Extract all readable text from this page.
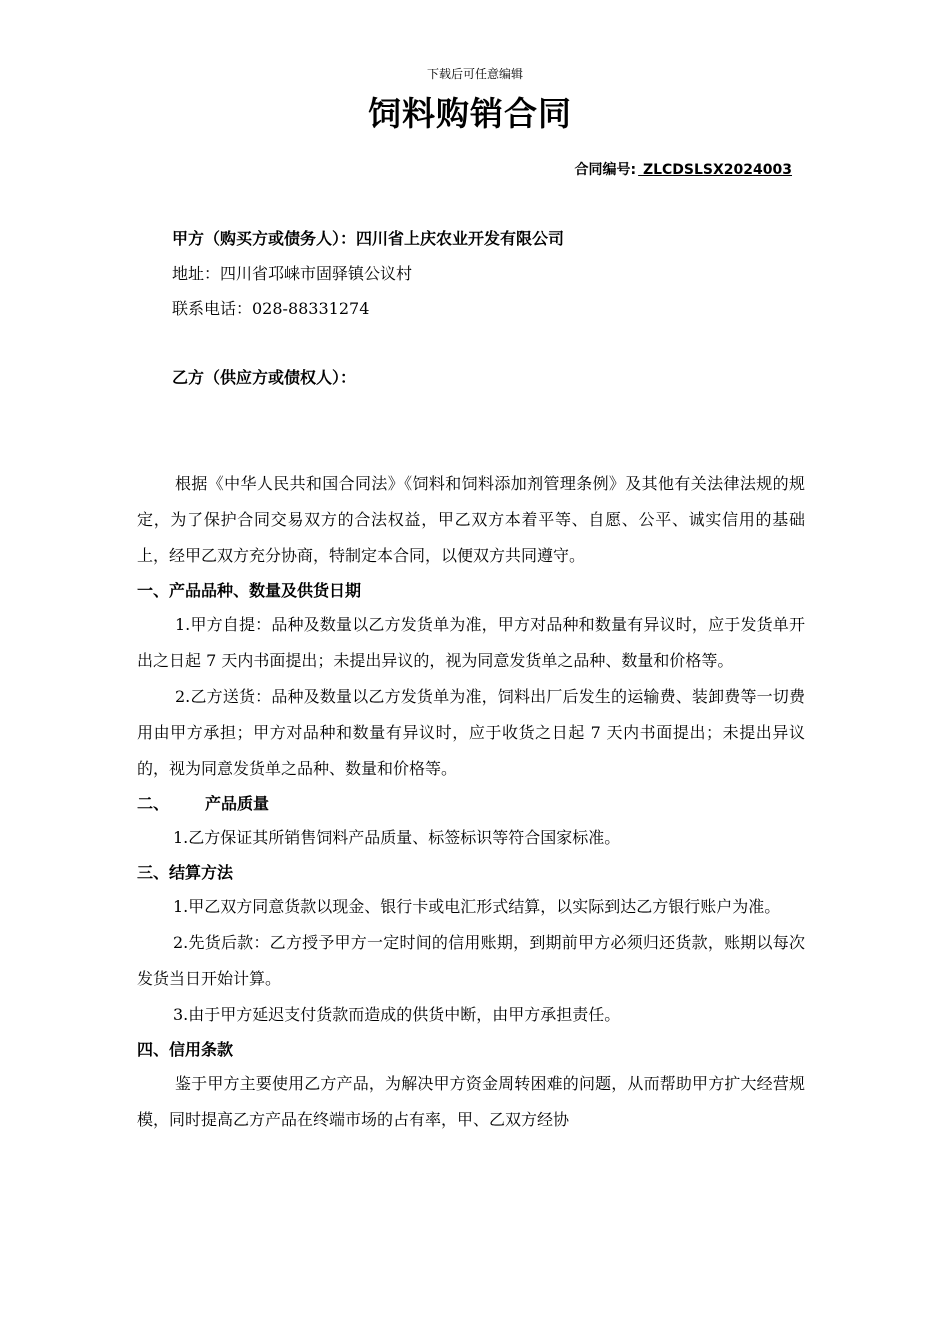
下载后可任意编辑
饲料购销合同
合同编号: ZLCDSLSX2024003
甲方（购买方或债务人）：四川省上庆农业开发有限公司
地址：四川省邛崃市固驿镇公议村
联系电话：028-88331274
乙方（供应方或债权人）：

根据《中华人民共和国合同法》《饲料和饲料添加剂管理条例》及其他有关法律法规的规定，为了保护合同交易双方的合法权益，甲乙双方本着平等、自愿、公平、诚实信用的基础上，经甲乙双方充分协商，特制定本合同，以便双方共同遵守。

一、产品品种、数量及供货日期

1.甲方自提：品种及数量以乙方发货单为准，甲方对品种和数量有异议时，应于发货单开出之日起 7 天内书面提出；未提出异议的，视为同意发货单之品种、数量和价格等。

2.乙方送货：品种及数量以乙方发货单为准，饲料出厂后发生的运输费、装卸费等一切费用由甲方承担；甲方对品种和数量有异议时，应于收货之日起 7 天内书面提出；未提出异议的，视为同意发货单之品种、数量和价格等。

二、 产品质量

1.乙方保证其所销售饲料产品质量、标签标识等符合国家标准。

三、结算方法

1.甲乙双方同意货款以现金、银行卡或电汇形式结算，以实际到达乙方银行账户为准。

2.先货后款：乙方授予甲方一定时间的信用账期，到期前甲方必须归还货款，账期以每次发货当日开始计算。

3.由于甲方延迟支付货款而造成的供货中断，由甲方承担责任。

四、信用条款

鉴于甲方主要使用乙方产品，为解决甲方资金周转困难的问题，从而帮助甲方扩大经营规模，同时提高乙方产品在终端市场的占有率，甲、乙双方经协
